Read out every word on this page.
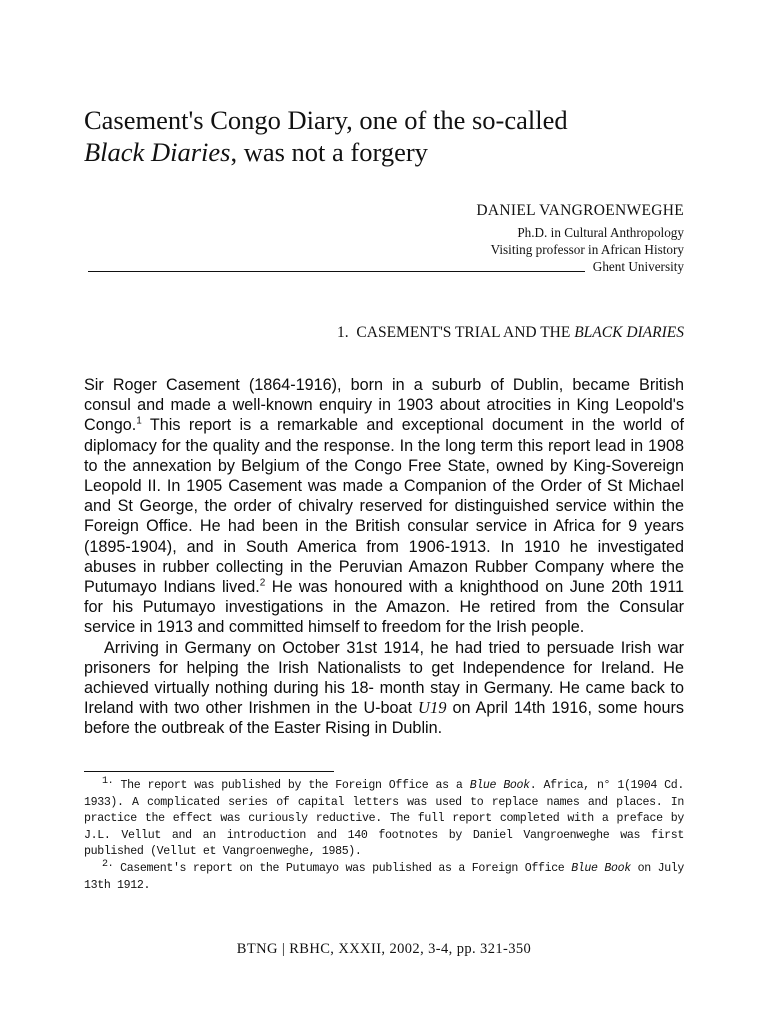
Casement's Congo Diary, one of the so-called
Black Diaries, was not a forgery
DANIEL VANGROENWEGHE
Ph.D. in Cultural Anthropology
Visiting professor in African History
Ghent University
1. CASEMENT'S TRIAL AND THE BLACK DIARIES

Sir Roger Casement (1864-1916), born in a suburb of Dublin, became British consul and made a well-known enquiry in 1903 about atrocities in King Leopold's Congo.$^1$ This report is a remarkable and exceptional document in the world of diplomacy for the quality and the response. In the long term this report lead in 1908 to the annexation by Belgium of the Congo Free State, owned by King-Sovereign Leopold II. In 1905 Casement was made a Companion of the Order of St Michael and St George, the order of chivalry reserved for distinguished service within the Foreign Office. He had been in the British consular service in Africa for 9 years (1895-1904), and in South America from 1906-1913. In 1910 he investigated abuses in rubber collecting in the Peruvian Amazon Rubber Company where the Putumayo Indians lived.$^2$ He was honoured with a knighthood on June 20th 1911 for his Putumayo investigations in the Amazon. He retired from the Consular service in 1913 and committed himself to freedom for the Irish people.

Arriving in Germany on October 31st 1914, he had tried to persuade Irish war prisoners for helping the Irish Nationalists to get Independence for Ireland. He achieved virtually nothing during his 18- month stay in Germany. He came back to Ireland with two other Irishmen in the U-boat U19 on April 14th 1916, some hours before the outbreak of the Easter Rising in Dublin.

$^{1.}$ The report was published by the Foreign Office as a Blue Book. Africa, n° 1(1904 Cd. 1933). A complicated series of capital letters was used to replace names and places. In practice the effect was curiously reductive. The full report completed with a preface by J.L. Vellut and an introduction and 140 footnotes by Daniel Vangroenweghe was first published (Vellut et Vangroenweghe, 1985).

$^{2.}$ Casement's report on the Putumayo was published as a Foreign Office Blue Book on July 13th 1912.

BTNG | RBHC, XXXII, 2002, 3-4, pp. 321-350
